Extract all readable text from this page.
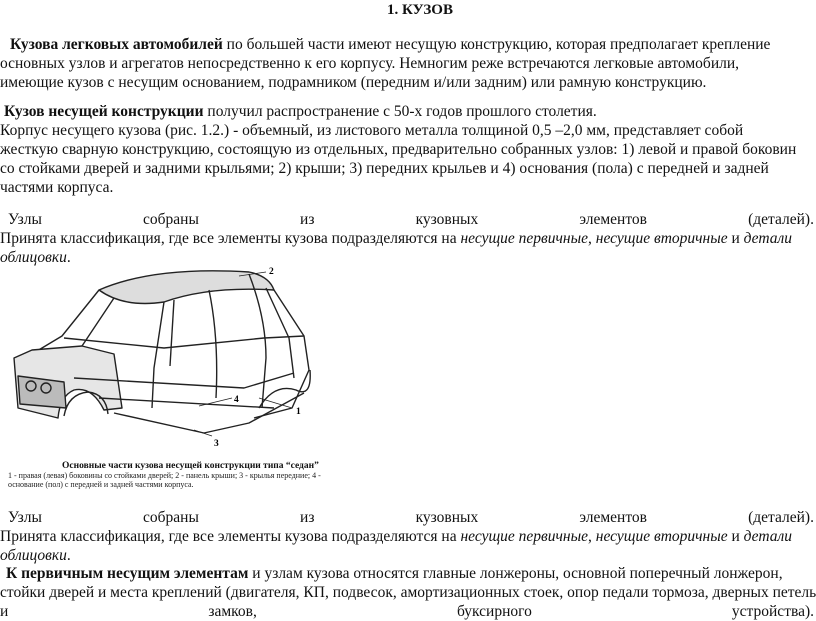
1. КУЗОВ
Кузова легковых автомобилей по большей части имеют несущую конструкцию, которая предполагает крепление
основных узлов и агрегатов непосредственно к его корпусу. Немногим реже встречаются легковые автомобили,
имеющие кузов с несущим основанием, подрамником (передним и/или задним) или рамную конструкцию.
Кузов несущей конструкции получил распространение с 50-х годов прошлого столетия.
Корпус несущего кузова (рис. 1.2.) - объемный, из листового металла толщиной 0,5 –2,0 мм, представляет собой
жесткую сварную конструкцию, состоящую из отдельных, предварительно собранных узлов: 1) левой и правой боковин
со стойками дверей и задними крыльями; 2) крыши; 3) передних крыльев и 4) основания (пола) с передней и задней
частями корпуса.
Узлы	собраны	из	кузовных	элементов	(деталей).
Принята классификация, где все элементы кузова подразделяются на несущие первичные, несущие вторичные и детали
облицовки.
2
4
1
3
Основные части кузова несущей конструкции типа “седан”
1 - правая (левая) боковины со стойками дверей; 2 - панель крыши; 3 - крылья передние; 4 - основание (пол) с передней и задней частями корпуса.
Узлы	собраны	из	кузовных	элементов	(деталей).
Принята классификация, где все элементы кузова подразделяются на несущие первичные, несущие вторичные и детали
облицовки.
К первичным несущим элементам и узлам кузова относятся главные лонжероны, основной поперечный лонжерон,
стойки дверей и места креплений (двигателя, КП, подвесок, амортизационных стоек, опор педали тормоза, дверных петель
и	замков,	буксирного	устройства).
